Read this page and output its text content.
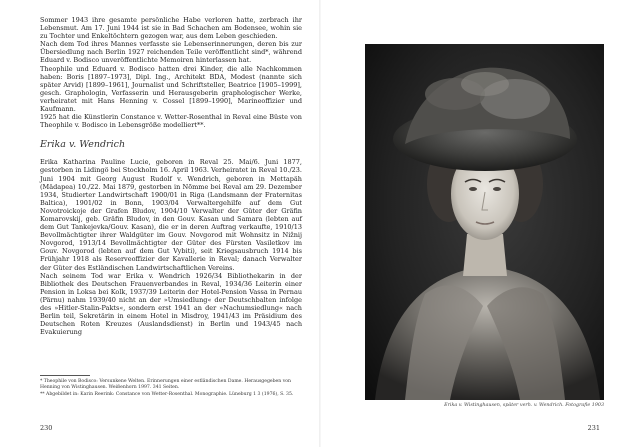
Sommer 1943 ihre gesamte persönliche Habe verloren hatte, zerbrach ihr Lebensmut. Am 17. Juni 1944 ist sie in Bad Schachen am Bodensee, wohin sie zu Tochter und Enkeltöchtern gezogen war, aus dem Leben geschieden.

Nach dem Tod ihres Mannes verfasste sie Lebenserinnerungen, deren bis zur Übersiedlung nach Berlin 1927 reichenden Teile veröffentlicht sind*, während Eduard v. Bodisco unveröffentlichte Memoiren hinterlassen hat.

Theophile und Eduard v. Bodisco hatten drei Kinder, die alle Nachkommen haben: Boris [1897–1973], Dipl. Ing., Architekt BDA, Modest (nannte sich später Arvid) [1899–1961], Journalist und Schriftsteller, Beatrice [1905–1999], gesch. Graphologin, Verfasserin und Herausgeberin graphologischer Werke, verheiratet mit Hans Henning v. Cossel [1899–1990], Marineoffizier und Kaufmann.

1925 hat die Künstlerin Constance v. Wetter-Rosenthal in Reval eine Büste von Theophile v. Bodisco in Lebensgröße modelliert**.

Erika v. Wendrich

Erika Katharina Pauline Lucie, geboren in Reval 25. Mai/6. Juni 1877, gestorben in Lidingö bei Stockholm 16. April 1963. Verheiratet in Reval 10./23. Juni 1904 mit Georg August Rudolf v. Wendrich, geboren in Mettapäh (Mädapea) 10./22. Mai 1879, gestorben in Nõmme bei Reval am 29. Dezember 1934, Studierter Landwirtschaft 1900/01 in Riga (Landsmann der Fraternitas Baltica), 1901/02 in Bonn, 1903/04 Verwaltergehilfe auf dem Gut Novotroickoje der Grafen Bludov, 1904/10 Verwalter der Güter der Gräfin Komarovskij, geb. Gräfin Bludov, in den Gouv. Kasan und Samara (lebten auf dem Gut Tankejevka/Gouv. Kasan), die er in deren Auftrag verkaufte, 1910/13 Bevollmächtigter ihrer Waldgüter im Gouv. Novgorod mit Wohnsitz in Nižnij Novgorod, 1913/14 Bevollmächtigter der Güter des Fürsten Vasiletkov im Gouv. Novgorod (lebten auf dem Gut Vybiti), seit Kriegsausbruch 1914 bis Frühjahr 1918 als Reserveoffizier der Kavallerie in Reval; danach Verwalter der Güter des Estländischen Landwirtschaftlichen Vereins.

Nach seinem Tod war Erika v. Wendrich 1926/34 Bibliothekarin in der Bibliothek des Deutschen Frauenverbandes in Reval, 1934/36 Leiterin einer Pension in Loksa bei Kolk, 1937/39 Leiterin der Hotel-Pension Vassa in Pernau (Pärnu) nahm 1939/40 nicht an der »Umsiedlung« der Deutschbalten infolge des »Hitler-Stalin-Pakts«, sondern erst 1941 an der »Nachumsiedlung« nach Berlin teil, Sekretärin in einem Hotel in Misdroy, 1941/43 im Präsidium des Deutschen Roten Kreuzes (Auslandsdienst) in Berlin und 1943/45 nach Evakuierung

* Theophile von Bodisco: Versunkene Welten. Erinnerungen einer estländischen Dame. Herausgegeben von Henning von Wistinghausen. Weißenhorn 1997. 341 Seiten.

** Abgebildet in: Karin Reerink: Constance von Wetter-Rosenthal. Monographie. Lüneburg 1 3 (1976), S. 35.

230
Erika v. Wistinghausen, später verh. v. Wendrich. Fotografie 1903
231
